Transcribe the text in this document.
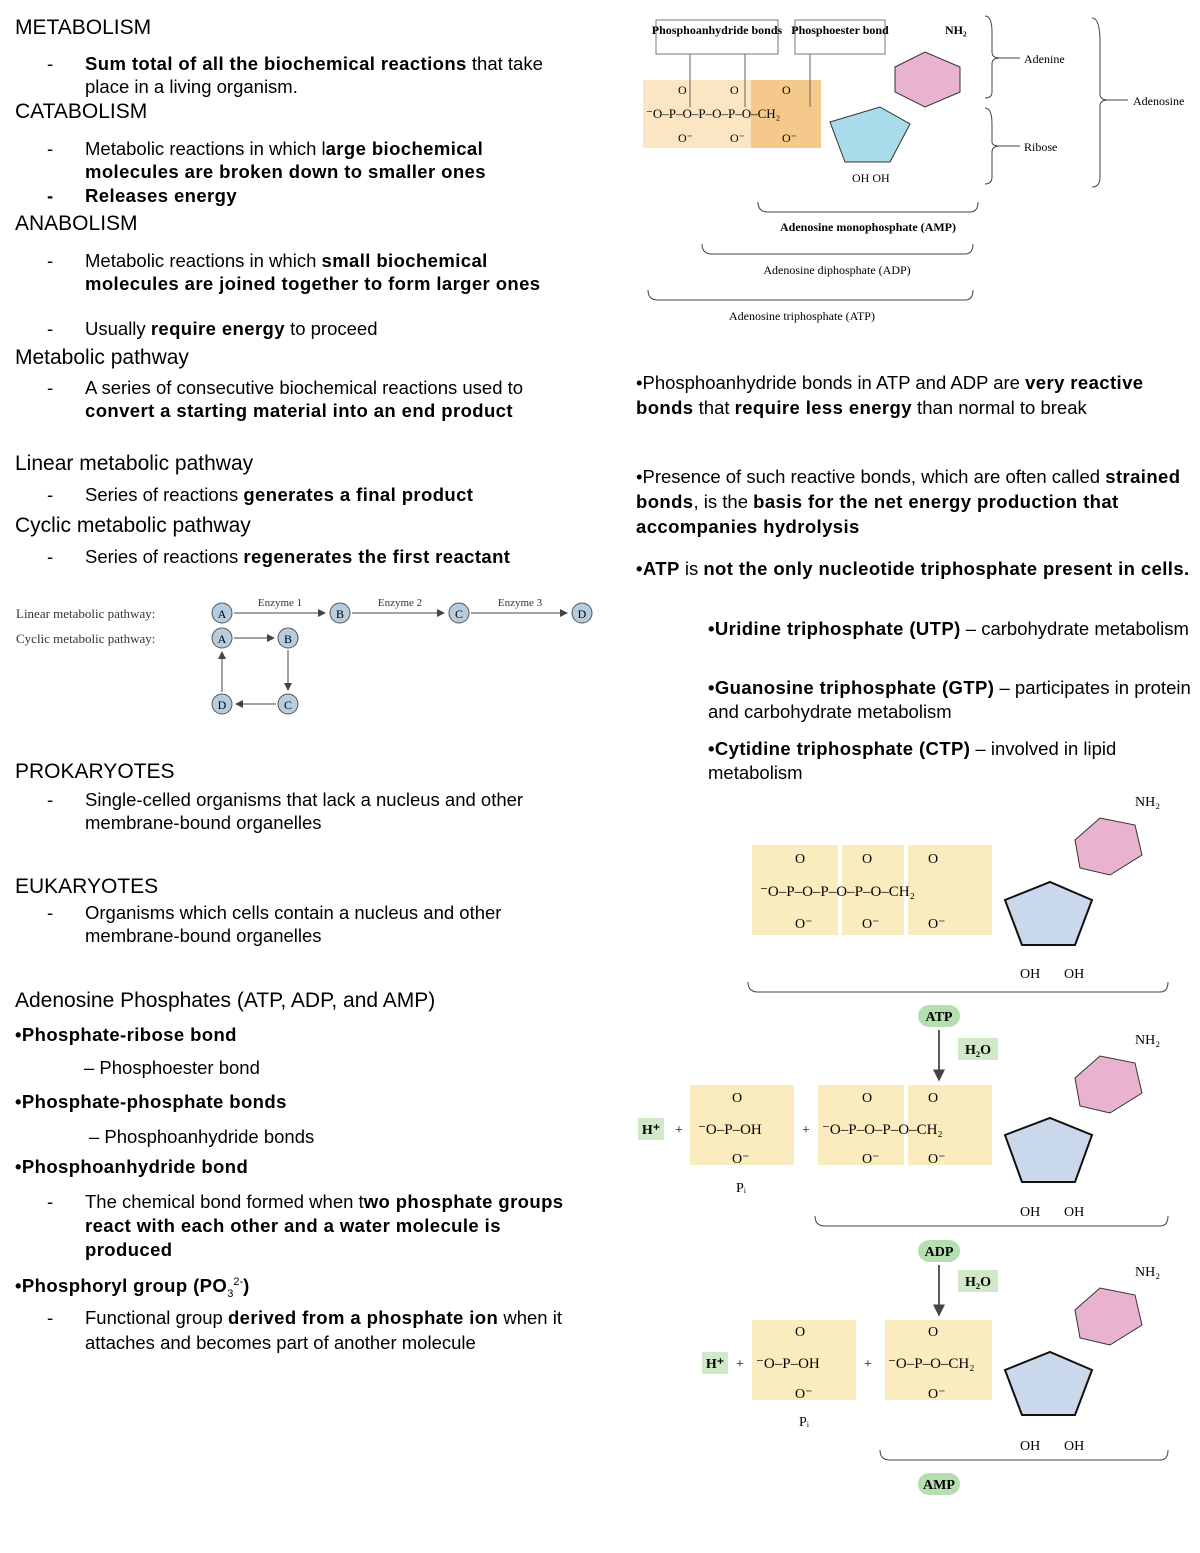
METABOLISM
- Sum total of all the biochemical reactions that take place in a living organism.
CATABOLISM
- Metabolic reactions in which large biochemical molecules are broken down to smaller ones
- Releases energy
ANABOLISM
- Metabolic reactions in which small biochemical molecules are joined together to form larger ones
- Usually require energy to proceed
Metabolic pathway
- A series of consecutive biochemical reactions used to convert a starting material into an end product
Linear metabolic pathway
- Series of reactions generates a final product
Cyclic metabolic pathway
- Series of reactions regenerates the first reactant
Linear metabolic pathway:
Cyclic metabolic pathway:
A	B	C	D
Enzyme 1	Enzyme 2	Enzyme 3
A	B
C
D
PROKARYOTES
- Single-celled organisms that lack a nucleus and other membrane-bound organelles
EUKARYOTES
- Organisms which cells contain a nucleus and other membrane-bound organelles
Adenosine Phosphates (ATP, ADP, and AMP)
•Phosphate-ribose bond
– Phosphoester bond
•Phosphate-phosphate bonds
– Phosphoanhydride bonds
•Phosphoanhydride bond
- The chemical bond formed when two phosphate groups react with each other and a water molecule is produced
•Phosphoryl group $(PO_3^{2-})$
- Functional group derived from a phosphate ion when it attaches and becomes part of another molecule
Phosphoanhydride bonds Phosphoester bond
⁻O–P–O–P–O–P–O–CH₂
O	O	O
O⁻	O⁻	O⁻
OH OH
NH₂
Adenine
Ribose
Adenosine
Adenosine monophosphate (AMP)
Adenosine diphosphate (ADP)
Adenosine triphosphate (ATP)
•Phosphoanhydride bonds in ATP and ADP are very reactive bonds that require less energy than normal to break
•Presence of such reactive bonds, which are often called strained bonds, is the basis for the net energy production that accompanies hydrolysis
•ATP is not the only nucleotide triphosphate present in cells.
•Uridine triphosphate (UTP) – carbohydrate metabolism
•Guanosine triphosphate (GTP) – participates in protein and carbohydrate metabolism
•Cytidine triphosphate (CTP) – involved in lipid metabolism
⁻O–P–O–P–O–P–O–CH₂
O	O	O
O⁻	O⁻	O⁻
OH OH
NH₂
ATP
H₂O
H⁺ + ⁻O–P–OH
O
O⁻
Pᵢ
+ ⁻O–P–O–P–O–CH₂
O	O
O⁻	O⁻
OH OH
NH₂
ADP
H₂O
H⁺ + ⁻O–P–OH
O
O⁻
Pᵢ
+ ⁻O–P–O–CH₂
O
O⁻
OH OH
NH₂
AMP
